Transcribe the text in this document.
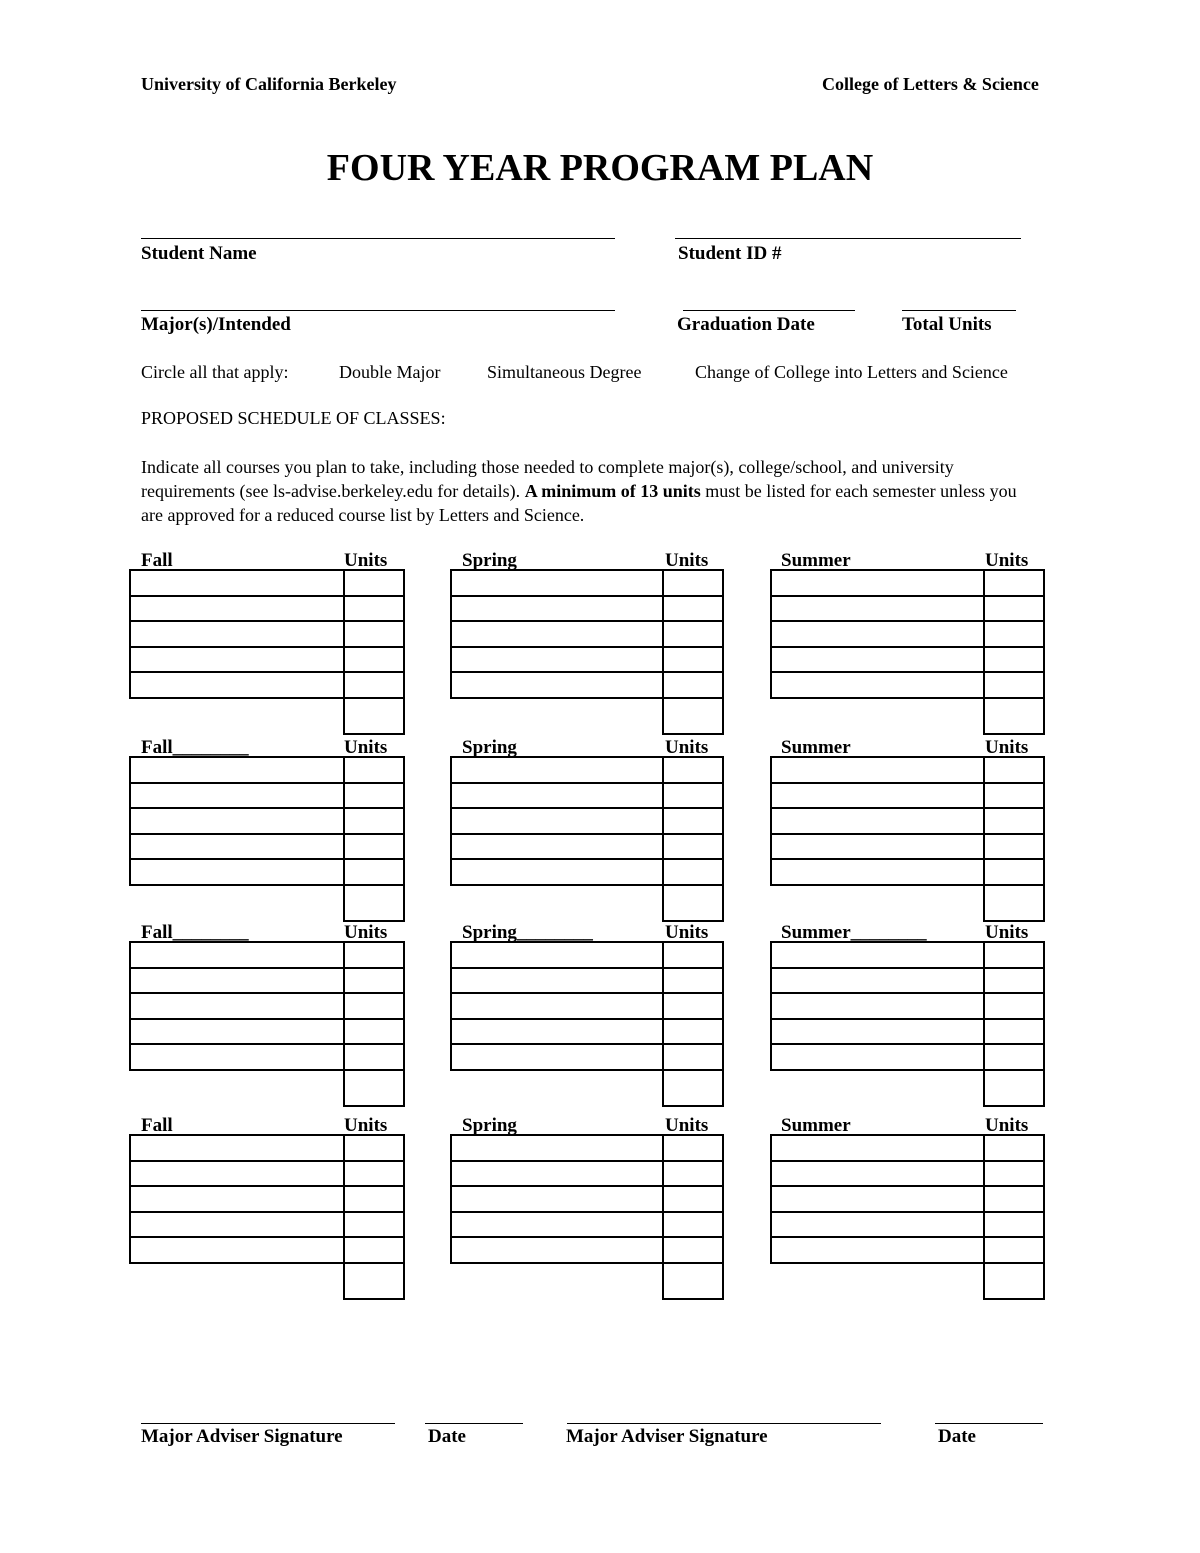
University of California Berkeley	College of Letters & Science
FOUR YEAR PROGRAM PLAN
Student Name	Student ID #
Major(s)/Intended	Graduation Date	Total Units
Circle all that apply:	Double Major	Simultaneous Degree	Change of College into Letters and Science
PROPOSED SCHEDULE OF CLASSES:
Indicate all courses you plan to take, including those needed to complete major(s), college/school, and university requirements (see ls-advise.berkeley.edu for details). A minimum of 13 units must be listed for each semester unless you are approved for a reduced course list by Letters and Science.
Fall	Units	Spring	Units	Summer	Units
Fall________	Units	Spring	Units	Summer	Units
Fall________	Units	Spring________	Units	Summer________	Units
Fall	Units	Spring	Units	Summer	Units
Major Adviser Signature	Date	Major Adviser Signature	Date
